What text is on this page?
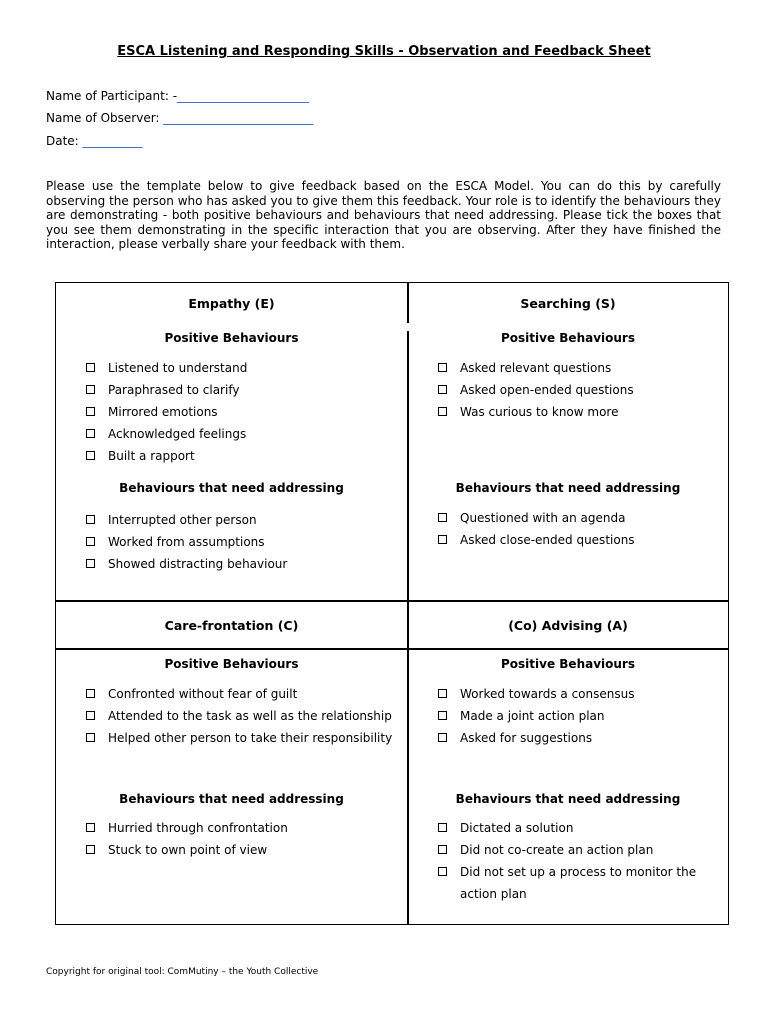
ESCA Listening and Responding Skills - Observation and Feedback Sheet
Name of Participant: -______________________
Name of Observer: _________________________
Date: __________
Please use the template below to give feedback based on the ESCA Model. You can do this by carefully observing the person who has asked you to give them this feedback. Your role is to identify the behaviours they are demonstrating - both positive behaviours and behaviours that need addressing. Please tick the boxes that you see them demonstrating in the specific interaction that you are observing. After they have finished the interaction, please verbally share your feedback with them.
Empathy (E)
Positive Behaviours
Listened to understand
Paraphrased to clarify
Mirrored emotions
Acknowledged feelings
Built a rapport
Behaviours that need addressing
Interrupted other person
Worked from assumptions
Showed distracting behaviour
Searching (S)
Positive Behaviours
Asked relevant questions
Asked open-ended questions
Was curious to know more
Behaviours that need addressing
Questioned with an agenda
Asked close-ended questions
Care-frontation (C)
Positive Behaviours
Confronted without fear of guilt
Attended to the task as well as the relationship
Helped other person to take their responsibility
Behaviours that need addressing
Hurried through confrontation
Stuck to own point of view
(Co) Advising (A)
Positive Behaviours
Worked towards a consensus
Made a joint action plan
Asked for suggestions
Behaviours that need addressing
Dictated a solution
Did not co-create an action plan
Did not set up a process to monitor the action plan
Copyright for original tool: ComMutiny – the Youth Collective
